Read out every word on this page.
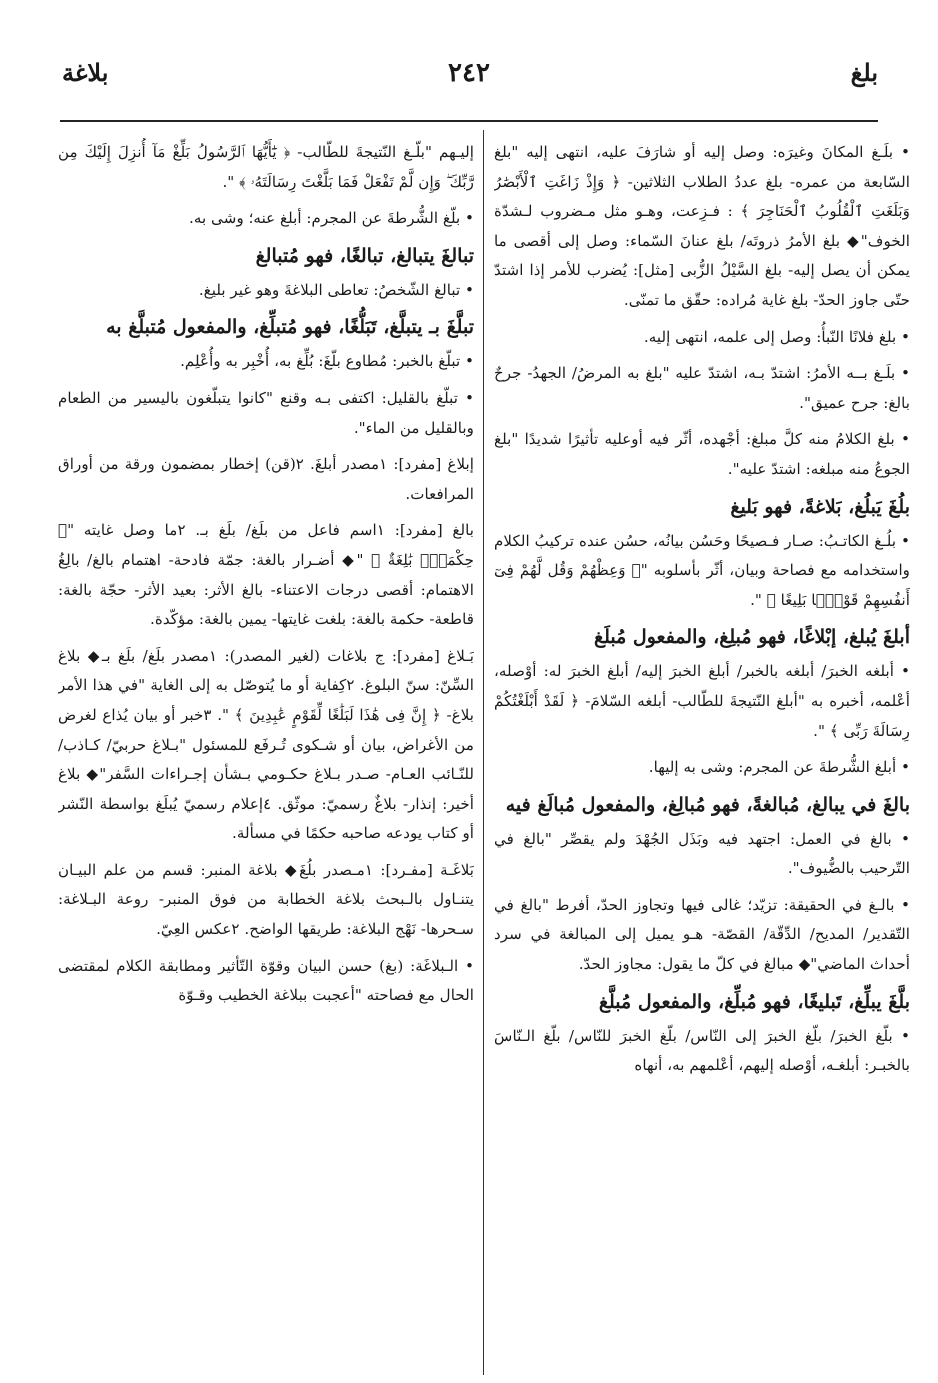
بلغ
٢٤٢
بلاغة

• بلَـغ المكانَ وغيرَه: وصل إليه أو شارَفَ عليه، انتهى إليه "بلغ السّابعة من عمره- بلغ عددُ الطلاب الثلاثين- ﴿ وَإِذْ زَاغَتِ ٱلْأَبْصَٰرُ وَبَلَغَتِ ٱلْقُلُوبُ ٱلْحَنَاجِرَ ﴾ : فـزِعت، وهـو مثل مـضروب لـشدّة الخوف"◆ بلغ الأمرُ ذروتَه/ بلغ عنانَ السّماء: وصل إلى أقصى ما يمكن أن يصل إليه- بلغ السَّيْلُ الزُّبى [مثل]: يُضرب للأمر إذا اشتدّ حتّى جاوز الحدّ- بلغ غاية مُراده: حقّق ما تمنّى.

• بلغ فلانًا النّبأُ: وصل إلى علمه، انتهى إليه.

• بلَـغ بــه الأمرُ: اشتدّ بـه، اشتدّ عليه "بلغ به المرضُ/ الجهدُ- جرحٌ بالغ: جرح عميق".

• بلغ الكلامُ منه كلَّ مبلغ: أجْهده، أثّر فيه أوعليه تأثيرًا شديدًا "بلغ الجوعُ منه مبلغه: اشتدّ عليه".

بلُغَ يَبلُغ، بَلاغةً، فهو بَليغ

• بلُـغ الكاتـبُ: صـار فـصيحًا وحَسُن بيانُه، حسُن عنده تركيبُ الكلام واستخدامه مع فصاحة وبيان، أثّر بأسلوبه "﴿ وَعِظْهُمْ وَقُل لَّهُمْ فِىٓ أَنفُسِهِمْ قَوْلًۢا بَلِيغًا ﴾ ".

أبلغَ يُبلغ، إبْلاغًا، فهو مُبلِغ، والمفعول مُبلَغ

• أبلغه الخبرَ/ أبلغه بالخبر/ أبلغ الخبرَ إليه/ أبلغ الخبرَ له: أوْصله، أعْلمه، أخبره به "أبلغ النّتيجةَ للطّالب- أبلغه السّلامَ- ﴿ لَقَدْ أَبْلَغْتُكُمْ رِسَالَةَ رَبِّى ﴾ ".

• أبلغ الشُّرطةَ عن المجرم: وشى به إليها.

بالغَ في يبالغ، مُبالغةً، فهو مُبالِغ، والمفعول مُبالَغ فيه

• بالغ في العمل: اجتهد فيه وبَذَل الجُهْدَ ولم يقصِّر "بالغ في التّرحيب بالضُّيوف".

• بالـغ في الحقيقة: تزيّد؛ غالى فيها وتجاوز الحدّ، أفرط "بالغ في التّقدير/ المديح/ الدِّقّة/ القصّة- هـو يميل إلى المبالغة في سرد أحداث الماضي"◆ مبالغ في كلّ ما يقول: مجاوز الحدّ.

بلَّغَ يبلِّغ، تَبليغًا، فهو مُبلِّغ، والمفعول مُبلَّغ

• بلّغ الخبرَ/ بلّغ الخبرَ إلى النّاس/ بلّغ الخبرَ للنّاس/ بلّغ الـنّاسَ بالخبـر: أبلغـه، أوْصله إليهم، أعْلمهم به، أنهاه

إليـهم "بلّـغ النّتيجةَ للطّالب- ﴿ يَٰٓأَيُّهَا ٱلرَّسُولُ بَلِّغْ مَآ أُنزِلَ إِلَيْكَ مِن رَّبِّكَ ۖ وَإِن لَّمْ تَفْعَلْ فَمَا بَلَّغْتَ رِسَالَتَهُۥ ﴾ ".

• بلّغ الشُّرطةَ عن المجرم: أبلغ عنه؛ وشى به.

تبالغَ يتبالغ، تبالغًا، فهو مُتبالغ

• تبالغ الشّخصُ: تعاطى البلاغةَ وهو غير بليغ.

تبلَّغَ بـ يتبلَّغ، تَبَلُّغًا، فهو مُتبلِّغ، والمفعول مُتبلَّغ به

• تبلّغ بالخبر: مُطاوع بلّغَ: بُلِّغ به، أُخْبِر به وأُعْلِم.

• تبلّغ بالقليل: اكتفى بـه وقنع "كانوا يتبلّغون باليسير من الطعام وبالقليل من الماء".

إبلاغ [مفرد]: ١مصدر أبلغَ. ٢(قن) إخطار بمضمون ورقة من أوراق المرافعات.

بالغ [مفرد]: ١اسم فاعل من بلَغ/ بلَغ بـ. ٢ما وصل غايته "﴿ حِكْمَةٌۢ بَٰلِغَةٌ ﴾ "◆ أضـرار بالغة: جمّة فادحة- اهتمام بالغ/ بالِغُ الاهتمام: أقصى درجات الاعتناء- بالغ الأثر: بعيد الأثر- حجّة بالغة: قاطعة- حكمة بالغة: بلغت غايتها- يمين بالغة: مؤكّدة.

بَـلاغ [مفرد]: ج بلاغات (لغير المصدر): ١مصدر بلَغ/ بلَغ بـ◆ بلاغ السِّنّ: سنّ البلوغ. ٢كِفاية أو ما يُتوصّل به إلى الغاية "في هذا الأمر بلاغ- ﴿ إِنَّ فِى هَٰذَا لَبَلَٰغًا لِّقَوْمٍ عَٰبِدِينَ ﴾ ". ٣خبر أو بيان يُذاع لغرض من الأغراض، بيان أو شـكوى تُـرفَع للمسئول "بـلاغ حربيّ/ كـاذب/ للنّـائب العـام- صـدر بـلاغ حكـومي بـشأن إجـراءات السَّفر"◆ بلاغ أخير: إنذار- بلاغٌ رسميّ: موثّق. ٤إعلام رسميّ يُبلَغ بواسطة النّشر أو كتاب يودعه صاحبه حكمًا في مسألة.

بَلاغَـة [مفـرد]: ١مـصدر بلُغَ◆ بلاغة المنبر: قسم من علم البيـان يتنـاول بالـبحث بلاغة الخطابة من فوق المنبر- روعة البـلاغة: سـحرها- نَهْج البلاغة: طريقها الواضح. ٢عكس العِيّ.

• الـبلاغَة: (بغ) حسن البيان وقوّة التّأثير ومطابقة الكلام لمقتضى الحال مع فصاحته "أعجبت ببلاغة الخطيب وقـوّة
